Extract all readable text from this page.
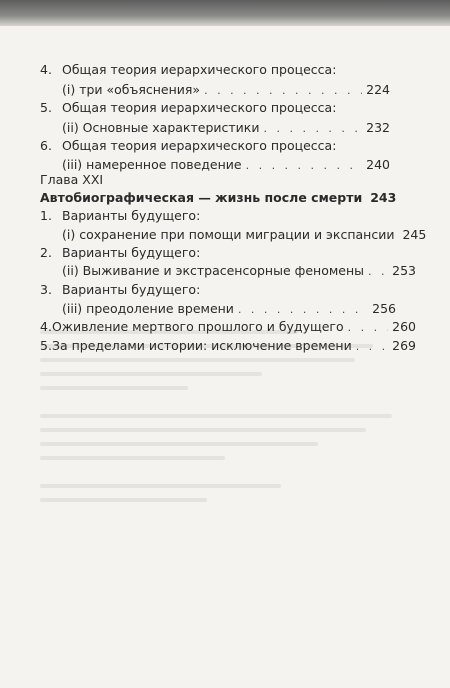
4. Общая теория иерархического процесса:
(i) три «объяснения» . . .	224
5. Общая теория иерархического процесса:
(ii) Основные характеристики . . .	232
6. Общая теория иерархического процесса:
(iii) намеренное поведение . . .	240
Глава XXI
Автобиографическая — жизнь после смерти 243
1. Варианты будущего:
(i) сохранение при помощи миграции и экспансии 245
2. Варианты будущего:
(ii) Выживание и экстрасенсорные феномены . . . 253
3. Варианты будущего:
(iii) преодоление времени . . .	256
4. Оживление мертвого прошлого и будущего . . .	260
5. За пределами истории: исключение времени . . .	269
